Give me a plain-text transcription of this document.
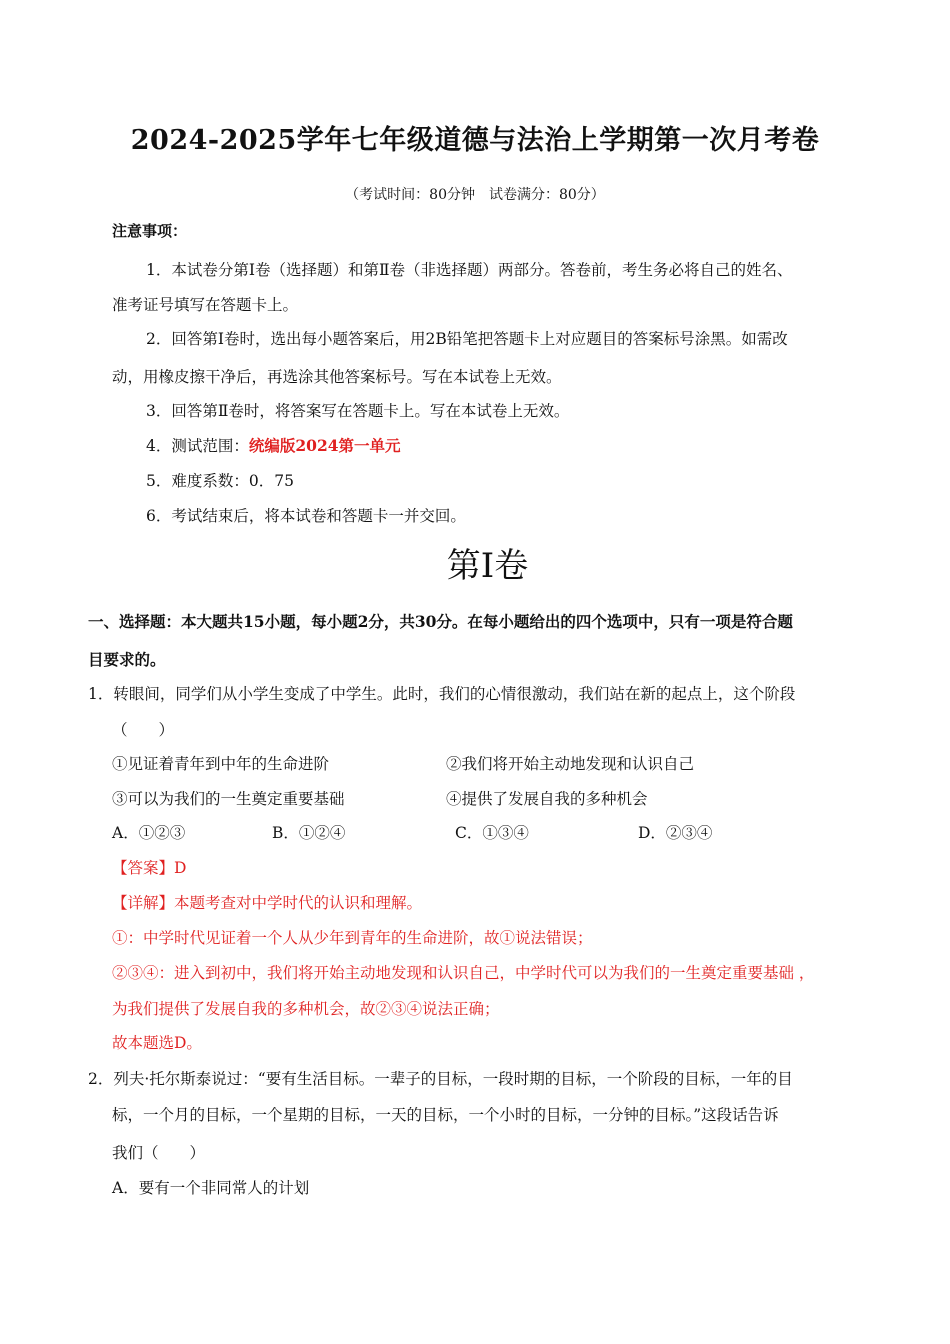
2024-2025学年七年级道德与法治上学期第一次月考卷
（考试时间：80分钟　试卷满分：80分）
注意事项：
1．本试卷分第Ⅰ卷（选择题）和第Ⅱ卷（非选择题）两部分。答卷前，考生务必将自己的姓名、
准考证号填写在答题卡上。
2．回答第Ⅰ卷时，选出每小题答案后，用2B铅笔把答题卡上对应题目的答案标号涂黑。如需改
动，用橡皮擦干净后，再选涂其他答案标号。写在本试卷上无效。
3．回答第Ⅱ卷时，将答案写在答题卡上。写在本试卷上无效。
4．测试范围：统编版2024第一单元
5．难度系数：0．75
6．考试结束后，将本试卷和答题卡一并交回。
第Ⅰ卷
一、选择题：本大题共15小题，每小题2分，共30分。在每小题给出的四个选项中，只有一项是符合题
目要求的。
1．转眼间，同学们从小学生变成了中学生。此时，我们的心情很激动，我们站在新的起点上，这个阶段
（　　）
①见证着青年到中年的生命进阶	②我们将开始主动地发现和认识自己
③可以为我们的一生奠定重要基础	④提供了发展自我的多种机会
A．①②③	B．①②④	C．①③④	D．②③④
【答案】D
【详解】本题考查对中学时代的认识和理解。
①：中学时代见证着一个人从少年到青年的生命进阶，故①说法错误；
②③④：进入到初中，我们将开始主动地发现和认识自己，中学时代可以为我们的一生奠定重要基础 ，
为我们提供了发展自我的多种机会，故②③④说法正确；
故本题选D。
2．列夫·托尔斯泰说过：“要有生活目标。一辈子的目标，一段时期的目标，一个阶段的目标，一年的目
标，一个月的目标，一个星期的目标，一天的目标，一个小时的目标，一分钟的目标。”这段话告诉
我们（　　）
A．要有一个非同常人的计划
